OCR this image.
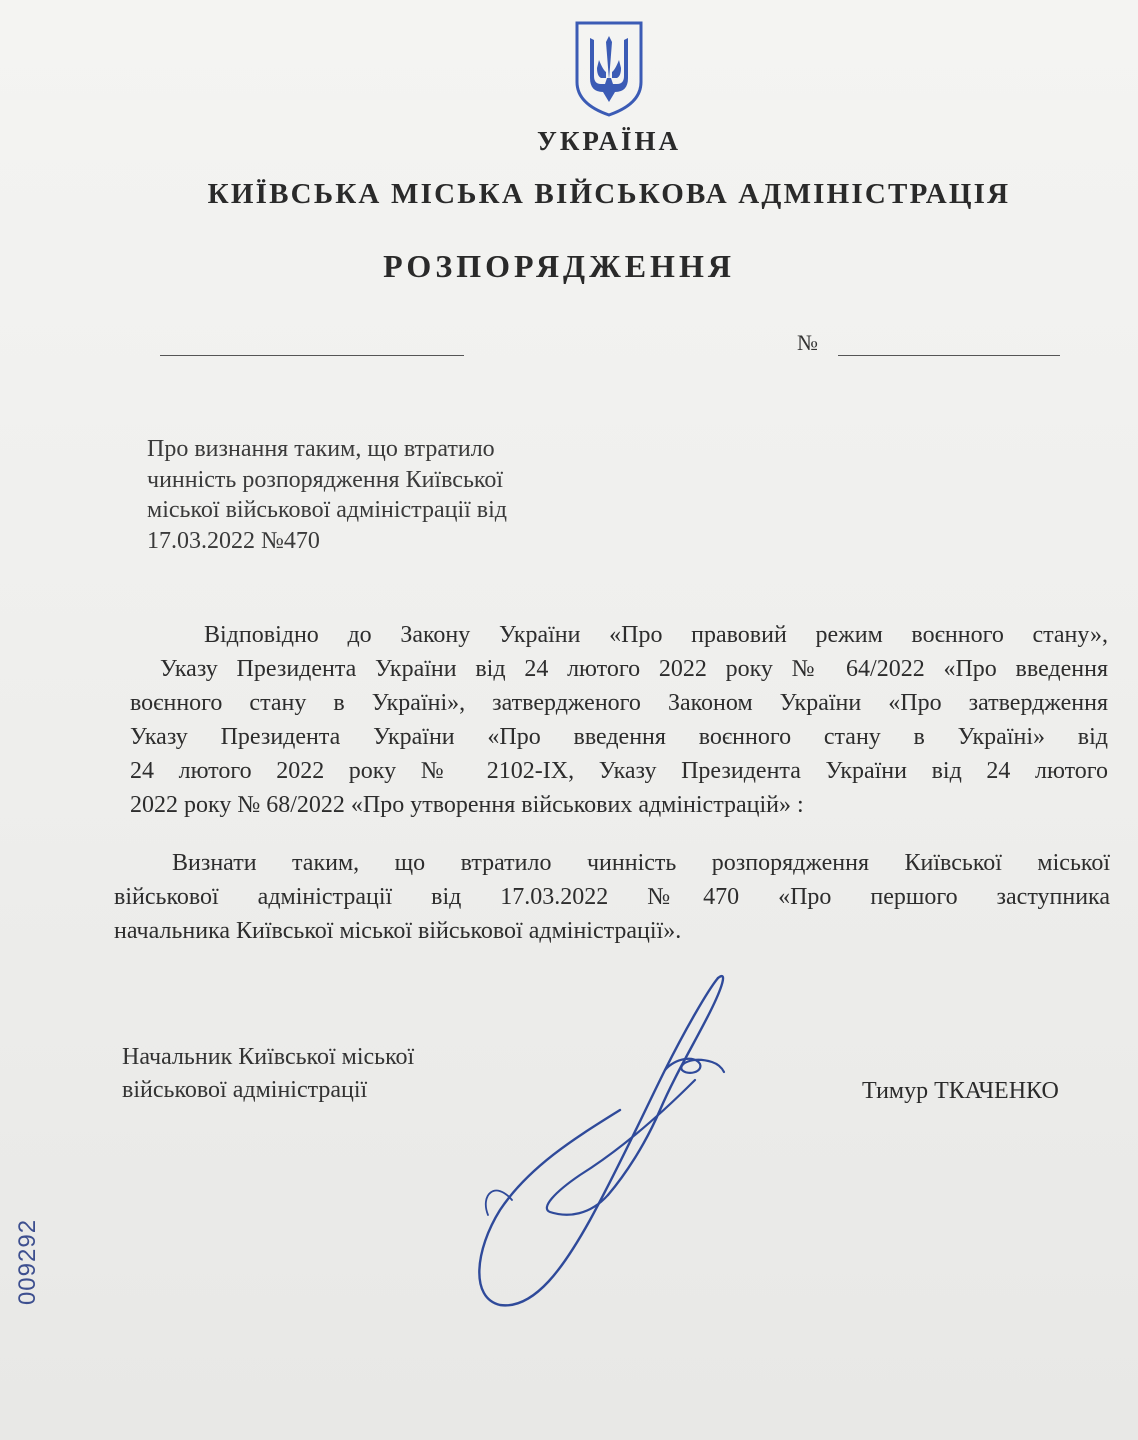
УКРАЇНА
КИЇВСЬКА МІСЬКА ВІЙСЬКОВА АДМІНІСТРАЦІЯ
РОЗПОРЯДЖЕННЯ
№
Про визнання таким, що втратило
чинність розпорядження Київської
міської військової адміністрації від
17.03.2022 №470
Відповідно до Закону України «Про правовий режим воєнного стану»,
Указу Президента України від 24 лютого 2022 року № 64/2022 «Про введення
воєнного стану в Україні», затвердженого Законом України «Про затвердження
Указу Президента України «Про введення воєнного стану в Україні» від
24 лютого 2022 року № 2102-IX, Указу Президента України від 24 лютого
2022 року № 68/2022 «Про утворення військових адміністрацій» :
Визнати таким, що втратило чинність розпорядження Київської міської
військової адміністрації від 17.03.2022 №470 «Про першого заступника
начальника Київської міської військової адміністрації».
Начальник Київської міської
військової адміністрації	Тимур ТКАЧЕНКО
009292
